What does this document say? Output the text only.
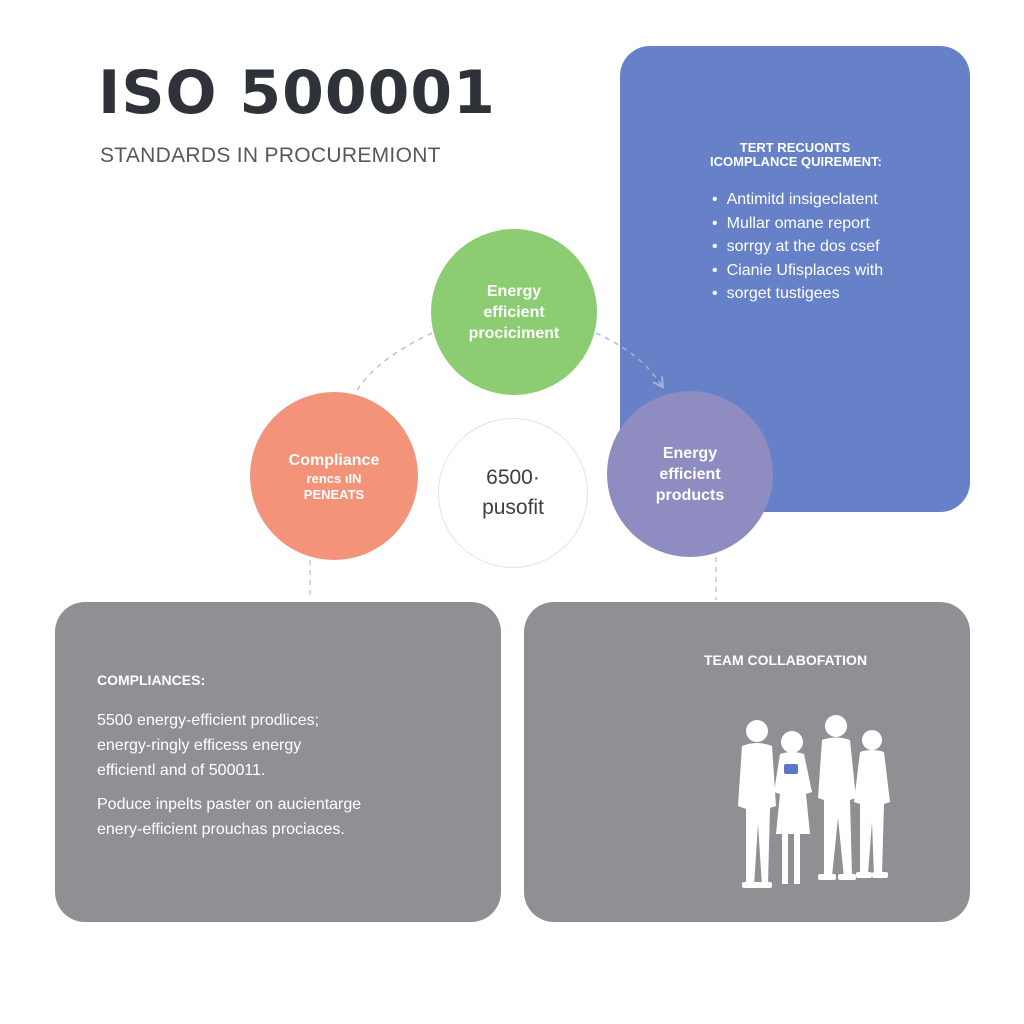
ISO 500001
STANDARDS IN PROCUREMIONT	TERT RECUONTS
ICOMPLANCE QUIREMENT:
• Antimitd insigeclatent
• Mullar omane report
• sorrgy at the dos csef
• Cianie Ufisplaces with
• sorget tustigees
Energy
efficient
prociciment
Compliance
rencs ıIN
PENEATS
6500·
pusofit
Energy
efficient
products
COMPLIANCES:
5500 energy-efficient prodlices;
energy-ringly efficess energy
efficientl and of 500011.
Poduce inpelts paster on aucientarge
enery-efficient prouchas prociaces.
TEAM COLLABOFATION
